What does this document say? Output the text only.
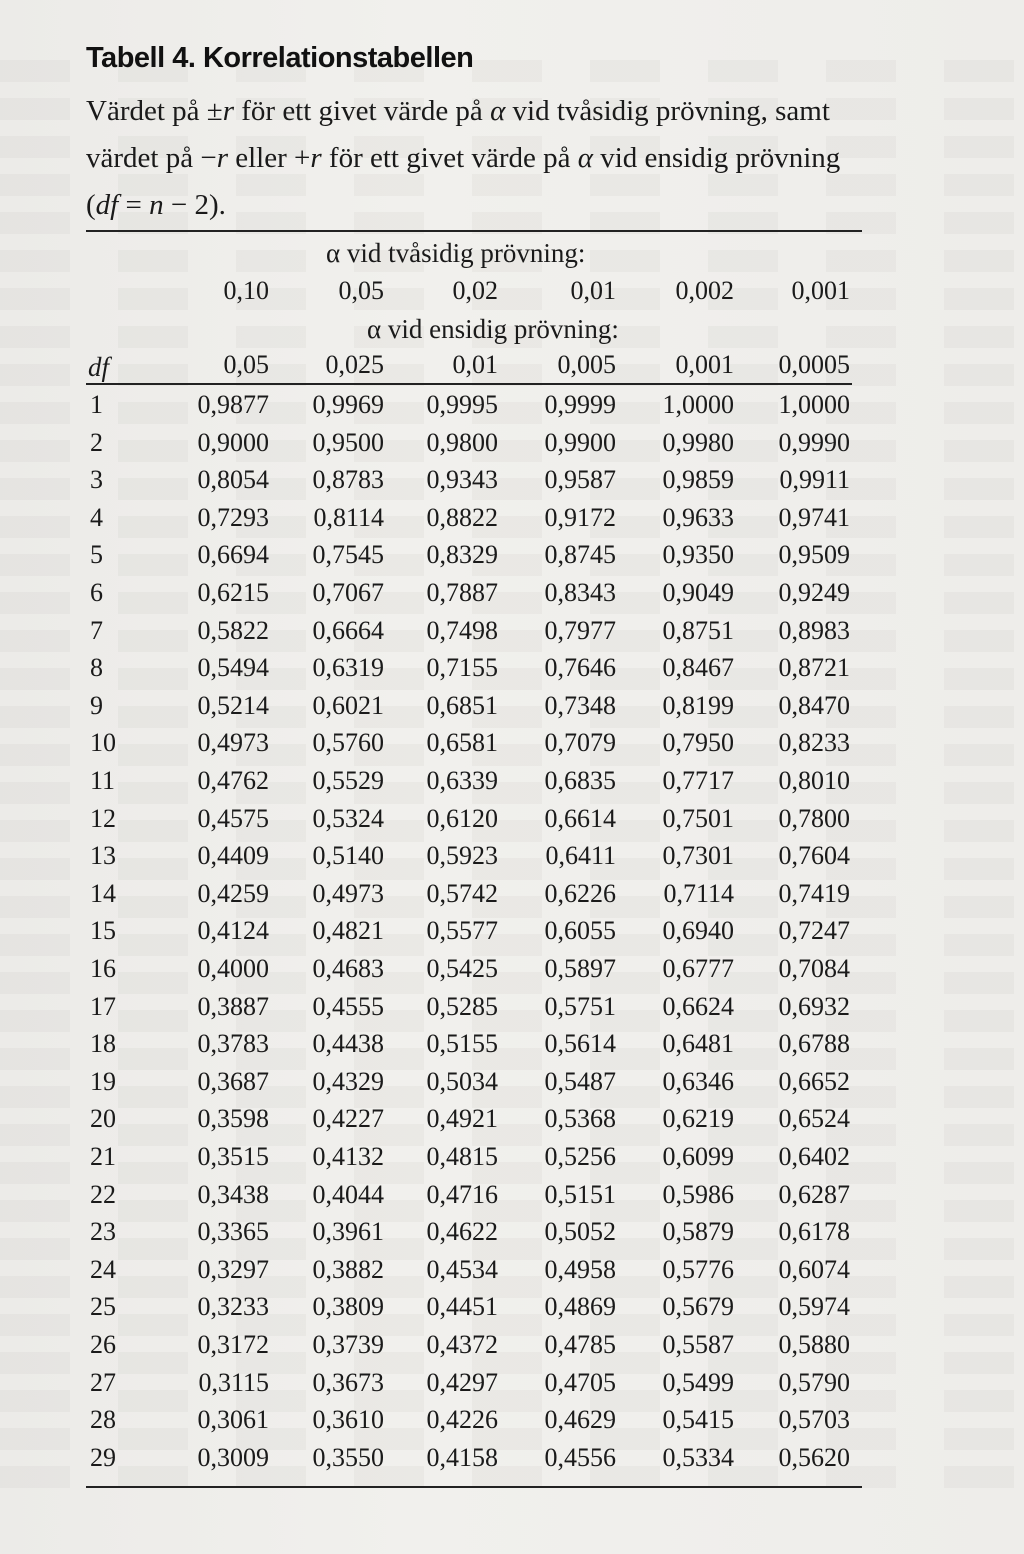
Tabell 4. Korrelationstabellen
Värdet på ±r för ett givet värde på α vid tvåsidig prövning, samt
värdet på −r eller +r för ett givet värde på α vid ensidig prövning
(df = n − 2).
α vid tvåsidig prövning:
0,10	0,05	0,02	0,01	0,002	0,001
α vid ensidig prövning:
df	0,05	0,025	0,01	0,005	0,001	0,0005
1	0,9877	0,9969	0,9995	0,9999	1,0000	1,0000
2	0,9000	0,9500	0,9800	0,9900	0,9980	0,9990
3	0,8054	0,8783	0,9343	0,9587	0,9859	0,9911
4	0,7293	0,8114	0,8822	0,9172	0,9633	0,9741
5	0,6694	0,7545	0,8329	0,8745	0,9350	0,9509
6	0,6215	0,7067	0,7887	0,8343	0,9049	0,9249
7	0,5822	0,6664	0,7498	0,7977	0,8751	0,8983
8	0,5494	0,6319	0,7155	0,7646	0,8467	0,8721
9	0,5214	0,6021	0,6851	0,7348	0,8199	0,8470
10	0,4973	0,5760	0,6581	0,7079	0,7950	0,8233
11	0,4762	0,5529	0,6339	0,6835	0,7717	0,8010
12	0,4575	0,5324	0,6120	0,6614	0,7501	0,7800
13	0,4409	0,5140	0,5923	0,6411	0,7301	0,7604
14	0,4259	0,4973	0,5742	0,6226	0,7114	0,7419
15	0,4124	0,4821	0,5577	0,6055	0,6940	0,7247
16	0,4000	0,4683	0,5425	0,5897	0,6777	0,7084
17	0,3887	0,4555	0,5285	0,5751	0,6624	0,6932
18	0,3783	0,4438	0,5155	0,5614	0,6481	0,6788
19	0,3687	0,4329	0,5034	0,5487	0,6346	0,6652
20	0,3598	0,4227	0,4921	0,5368	0,6219	0,6524
21	0,3515	0,4132	0,4815	0,5256	0,6099	0,6402
22	0,3438	0,4044	0,4716	0,5151	0,5986	0,6287
23	0,3365	0,3961	0,4622	0,5052	0,5879	0,6178
24	0,3297	0,3882	0,4534	0,4958	0,5776	0,6074
25	0,3233	0,3809	0,4451	0,4869	0,5679	0,5974
26	0,3172	0,3739	0,4372	0,4785	0,5587	0,5880
27	0,3115	0,3673	0,4297	0,4705	0,5499	0,5790
28	0,3061	0,3610	0,4226	0,4629	0,5415	0,5703
29	0,3009	0,3550	0,4158	0,4556	0,5334	0,5620
